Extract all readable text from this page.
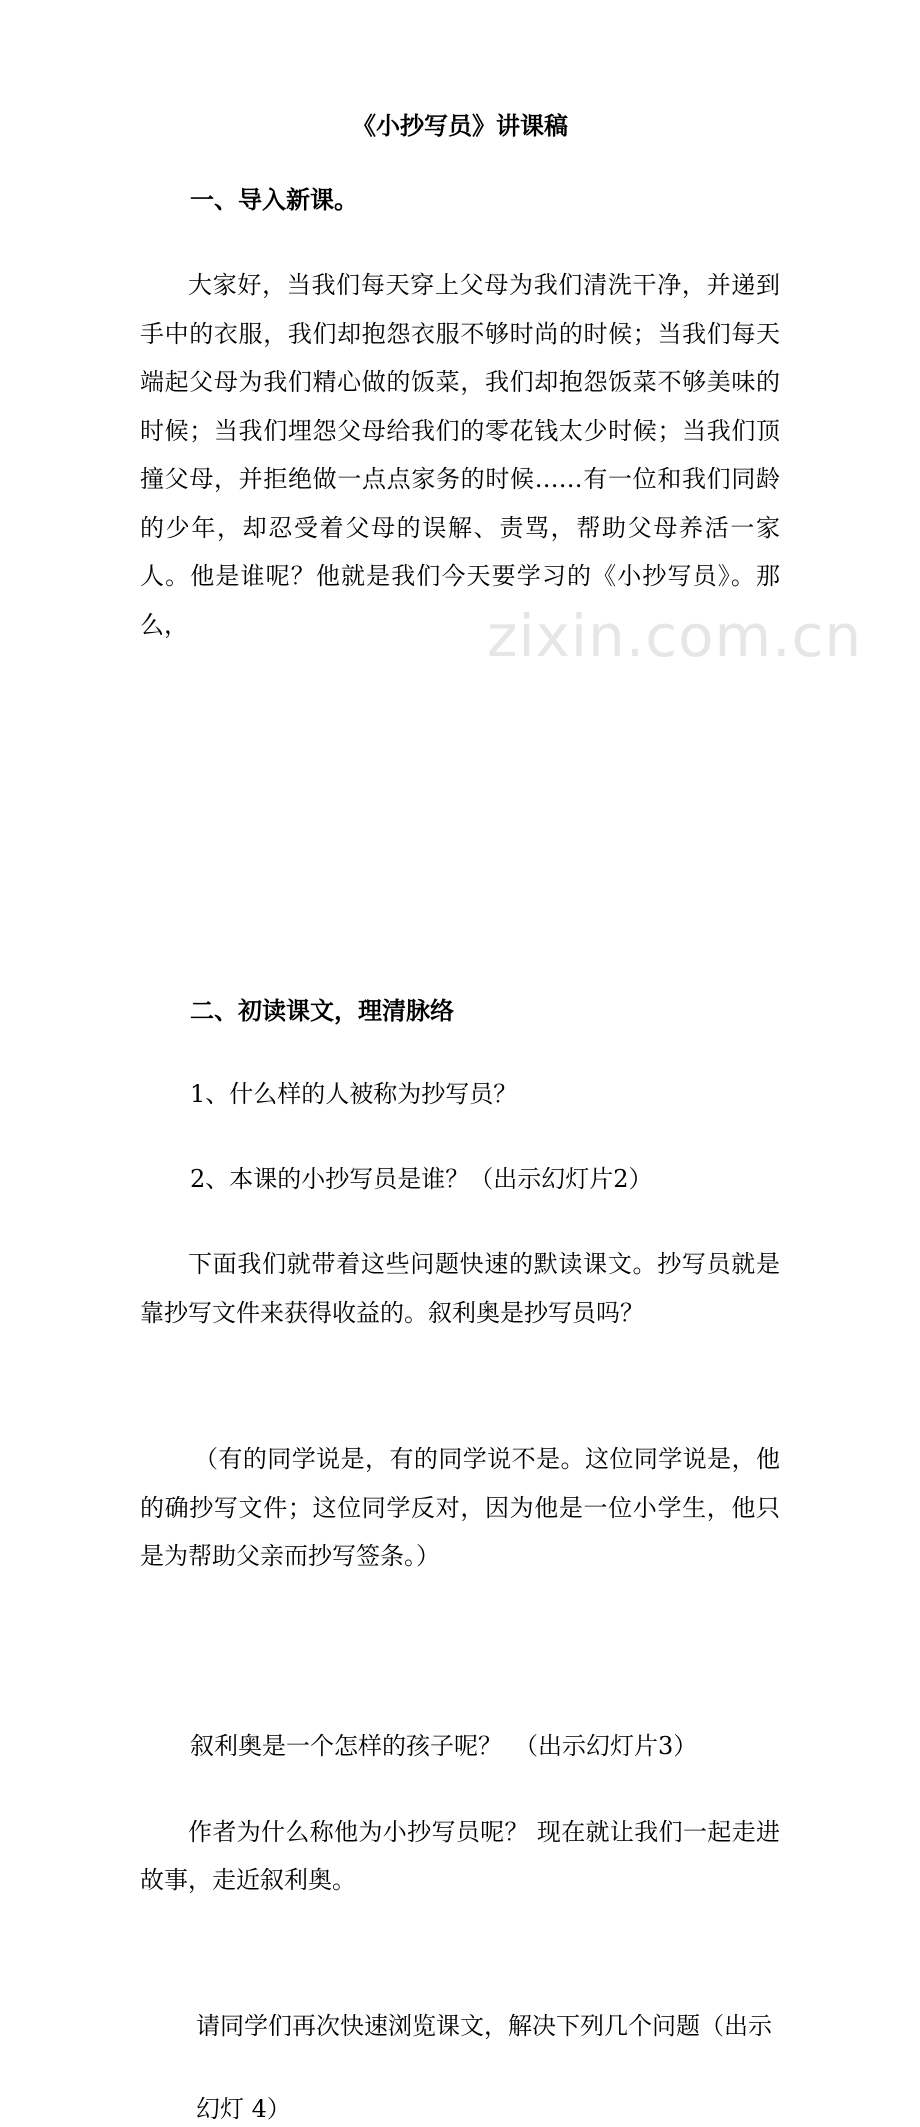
zixin.com.cn
《小抄写员》讲课稿
一、导入新课。

大家好，当我们每天穿上父母为我们清洗干净，并递到手中的衣服，我们却抱怨衣服不够时尚的时候；当我们每天端起父母为我们精心做的饭菜，我们却抱怨饭菜不够美味的时候；当我们埋怨父母给我们的零花钱太少时候；当我们顶撞父母，并拒绝做一点点家务的时候……有一位和我们同龄的少年，却忍受着父母的误解、责骂，帮助父母养活一家人。他是谁呢？他就是我们今天要学习的《小抄写员》。那么，

二、初读课文，理清脉络
1、什么样的人被称为抄写员？
2、本课的小抄写员是谁？（出示幻灯片2）

下面我们就带着这些问题快速的默读课文。抄写员就是靠抄写文件来获得收益的。叙利奥是抄写员吗？

（有的同学说是，有的同学说不是。这位同学说是，他的确抄写文件；这位同学反对，因为他是一位小学生，他只是为帮助父亲而抄写签条。）

叙利奥是一个怎样的孩子呢？　（出示幻灯片3）

作者为什么称他为小抄写员呢？ 现在就让我们一起走进故事，走近叙利奥。

请同学们再次快速浏览课文，解决下列几个问题（出示
幻灯 4）
